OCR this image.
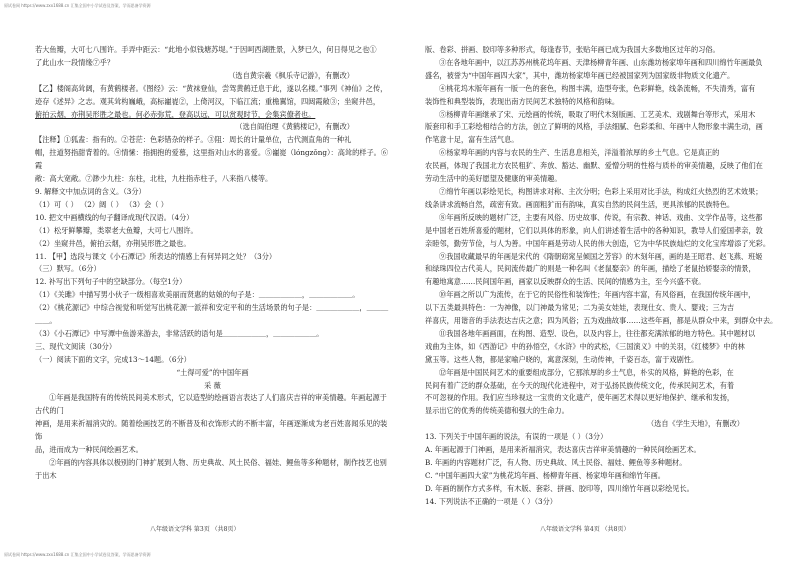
原试卷网 https://www.zxx1688.cn 汇集全国中小学试卷及答案，学而思备学资源

若大鱼瓣，大可七八围许。手弄中距云：“此地小似钱塘苏堤。”于因呵西湖胜景，入梦已久，何日得见之也①

了此山水一段情缘⑦乎？

（选自黄宗羲《枫乐寺记游》，有删改）

【乙】楼阁高耸阔，有黄鹤楼者。《图经》云：“黄袜登仙，尝驾黄鹤迁息于此，遂以名楼。”事列《神仙》之传，

迹存《述异》之志。观其耸构巍峨，高标巃嵸②，上倚河汉，下临江流；重檐翼馆，四闼霞敞③；坐窥井邑，

俯拍云烟，亦荆吴形胜之最也。何必赤弥荒，登高以远，可以赏观时节，会集宾僚者也。

（选自阎伯理《黄鹤楼记》，有删改）

【注释】①狐盍：指有的。②苍茫：色彩错杂的样子。③阻：周长的计量单位，古代测直角的一种礼

帽，拄道努指甜背着的。④情愫：指拥抱的爱慕，这里指对山水的喜爱。⑤巃嵸（lóngzǒng）：高耸的样子。⑥霞

敞：高大宽敞。⑦渺少九柱：东柱，北柱，九柱指赤柱子，八来指八楼等。

9. 解释文中加点词的含义。（3分）

（1）可（ ） （2）阔（ ） （3）会（ ）

10. 把文中画横线的句子翻译成现代汉语。（4分）

（1）松牙鲜攀瓣，类翠老大鱼瓣，大可七八围许。

（2）坐窥井邑，俯拍云烟，亦荆吴形胜之最也。

11. 【甲】选段与课文《小石潭记》所表达的情感上有何异同之处？（3分）

（三）默写。（6分）

12. 补写出下列句子中的空缺部分。（每空1分）

（1）《关雎》中描写男小伙子一级相喜欢美丽而贤惠的姑娘的句子是：＿＿＿＿＿＿，＿＿＿＿＿＿。

（2）《桃花源记》中综合视觉和听觉写出桃花源一派祥和安定平和的生活场景的句子是：＿＿＿＿＿＿，＿＿＿＿＿。

（3）《小石潭记》中写潭中鱼游来游去，非常活跃的语句是＿＿＿＿＿＿，＿＿＿＿＿＿。

三、现代文阅读（30分）

（一）阅读下面的文字，完成13～14题。（6分）

“土得可爱”的中国年画

采 薇

①年画是我国特有的传统民间美术形式，它以造型的绘画语言表达了人们喜庆吉祥的审美情趣。年画起源于古代的门

神画，是用来祈福消灾的。随着绘画技艺的不断普及和衣饰形式的不断丰富，年画逐渐成为老百姓喜闻乐见的装饰

品，进而成为一种民间绘画艺术。

②年画的内容具体以极别的门神扩展到人物、历史典故、风土民俗、福娃、鲤鱼等多种题材，制作技艺也别于出木

版、卷彩、拼画、胶印等多种形式，每逢春节，张贴年画已成为我国大多数地区过年的习俗。

③在各地年画中，以江苏苏州桃花坞年画、天津杨柳青年画、山东潍坊杨家埠年画和四川绵竹年画最负

盛名，被誉为“中国年画四大家”，其中，潍坊杨家埠年画已经被国家列为国家级非物质文化遗产。

④桃花坞木版年画有一版一色的套色，构图丰满，造型夸张，色彩鲜艳，线条流畅，不失清秀，富有

装饰性和典型装饰，表现出南方民间艺术独特的风格和韵味。

⑤杨柳青年画继承了宋、元绘画的传统，吸取了明代木刻版画、工艺美术、戏剧舞台等形式，采用木

版套印和手工彩绘相结合的方法，创立了鲜明的风格，手法细腻、色彩柔和、年画中人物形象丰满生动，画

作笔意十足，富有生活气息。

⑥杨家埠年画的内容与农民的生产、生活息息相关，洋溢着浓厚的乡土气息。它是真正的

农民画，体现了我国北方农民粗犷、奔放、豁达、幽默、爱憎分明的性格与质朴的审美情趣，反映了他们在

劳动生活中的美好愿望及健康的审美情趣。

⑦绵竹年画以彩绘见长，构图讲求对称、主次分明；色彩上采用对比手法，构成红火热烈的艺术效果；

线条讲求流畅自然，疏密有致。画面粗犷而有韵味，真实自然的民间生活，更具浓郁的民族特色。

⑧年画所反映的题材广泛，主要有风俗、历史故事、传说，有宗教、神话、戏曲、文学作品等，这些都

是中国老百姓所喜爱的题材，它们以具体的形象，向人们讲述着生活中的各种知识，教导人们爱国孝亲，敦

亲睦邻，勤劳节俭，与人为善。中国年画是劳动人民的伟大创造，它为中华民族灿烂的文化宝库增添了光彩。

⑨我国收藏最早的年画是宋代的《隋朝窈窕呈倾国之芳容》的木刻年画，画的是王昭君、赵飞燕、班姬

和绿珠四位古代美人，民间流传最广的则是一种名叫《老鼠娶亲》的年画，描绘了老鼠抬轿娶亲的情景，

有趣地寓意……民间国年画，画家以反映群众的生活、民间的情感为主，至今兴盛不衰。

⑩年画之所以广为流传，在于它的民俗性和装饰性；年画内容丰富，有风俗画，在我国传统年画中，

以下五类最具特色：一为神像，以门神最为常见；二为美女娃娃，表现仕女、贵人、婴戏；三为吉

祥喜庆，用谐音的手法表达吉庆之意；四为风俗；五为戏曲故事……这些年画，都是从群众中来，到群众中去。

⑪我国各地年画画面，在构图、造型、设色，以及内容上，往往都充满浓郁的地方特色。其中题材以

戏曲为主体，如《西游记》中的孙悟空，《水浒》中的武松，《三国演义》中的关羽，《红楼梦》中的林

黛玉等。这些人物，都是家喻户晓的，寓意深刻，生动传神，千姿百态，富于戏剧性。

⑫年画是中国民间艺术的重要组成部分，它那浓厚的乡土气息，朴实的风格，鲜艳的色彩，在

民间有着广泛的群众基础，在今天的现代化进程中，对于弘扬民族传统文化，传承民间艺术，有着

不可忽视的作用。我们应当珍视这一宝贵的文化遗产，使年画艺术得以更好地保护、继承和发扬，

显示出它的优秀的传统美德和强大的生命力。

（选自《学生天地》，有删改）

13. 下列关于中国年画的说法，有误的一项是（ ）（3分）

A. 年画起源于门神画，是用来祈福消灾，表达喜庆吉祥审美情趣的一种民间绘画艺术。

B. 年画的内容题材广泛，有人物、历史典故、风土民俗、福娃、鲤鱼等多种题材。

C. “中国年画四大家”为桃花坞年画、杨柳青年画、杨家埠年画和绵竹年画。

D. 年画的制作方式多样，有木版、套彩、拼画、胶印等，四川绵竹年画以彩绘见长。

14. 下列说法不正确的一项是（ ）（3分）

八年级语文学科 第3页 （共8页）	八年级语文学科 第4页 （共8页）
原试卷网 https://www.zxx1688.cn 汇集全国中小学试卷及答案，学而思备学资源
